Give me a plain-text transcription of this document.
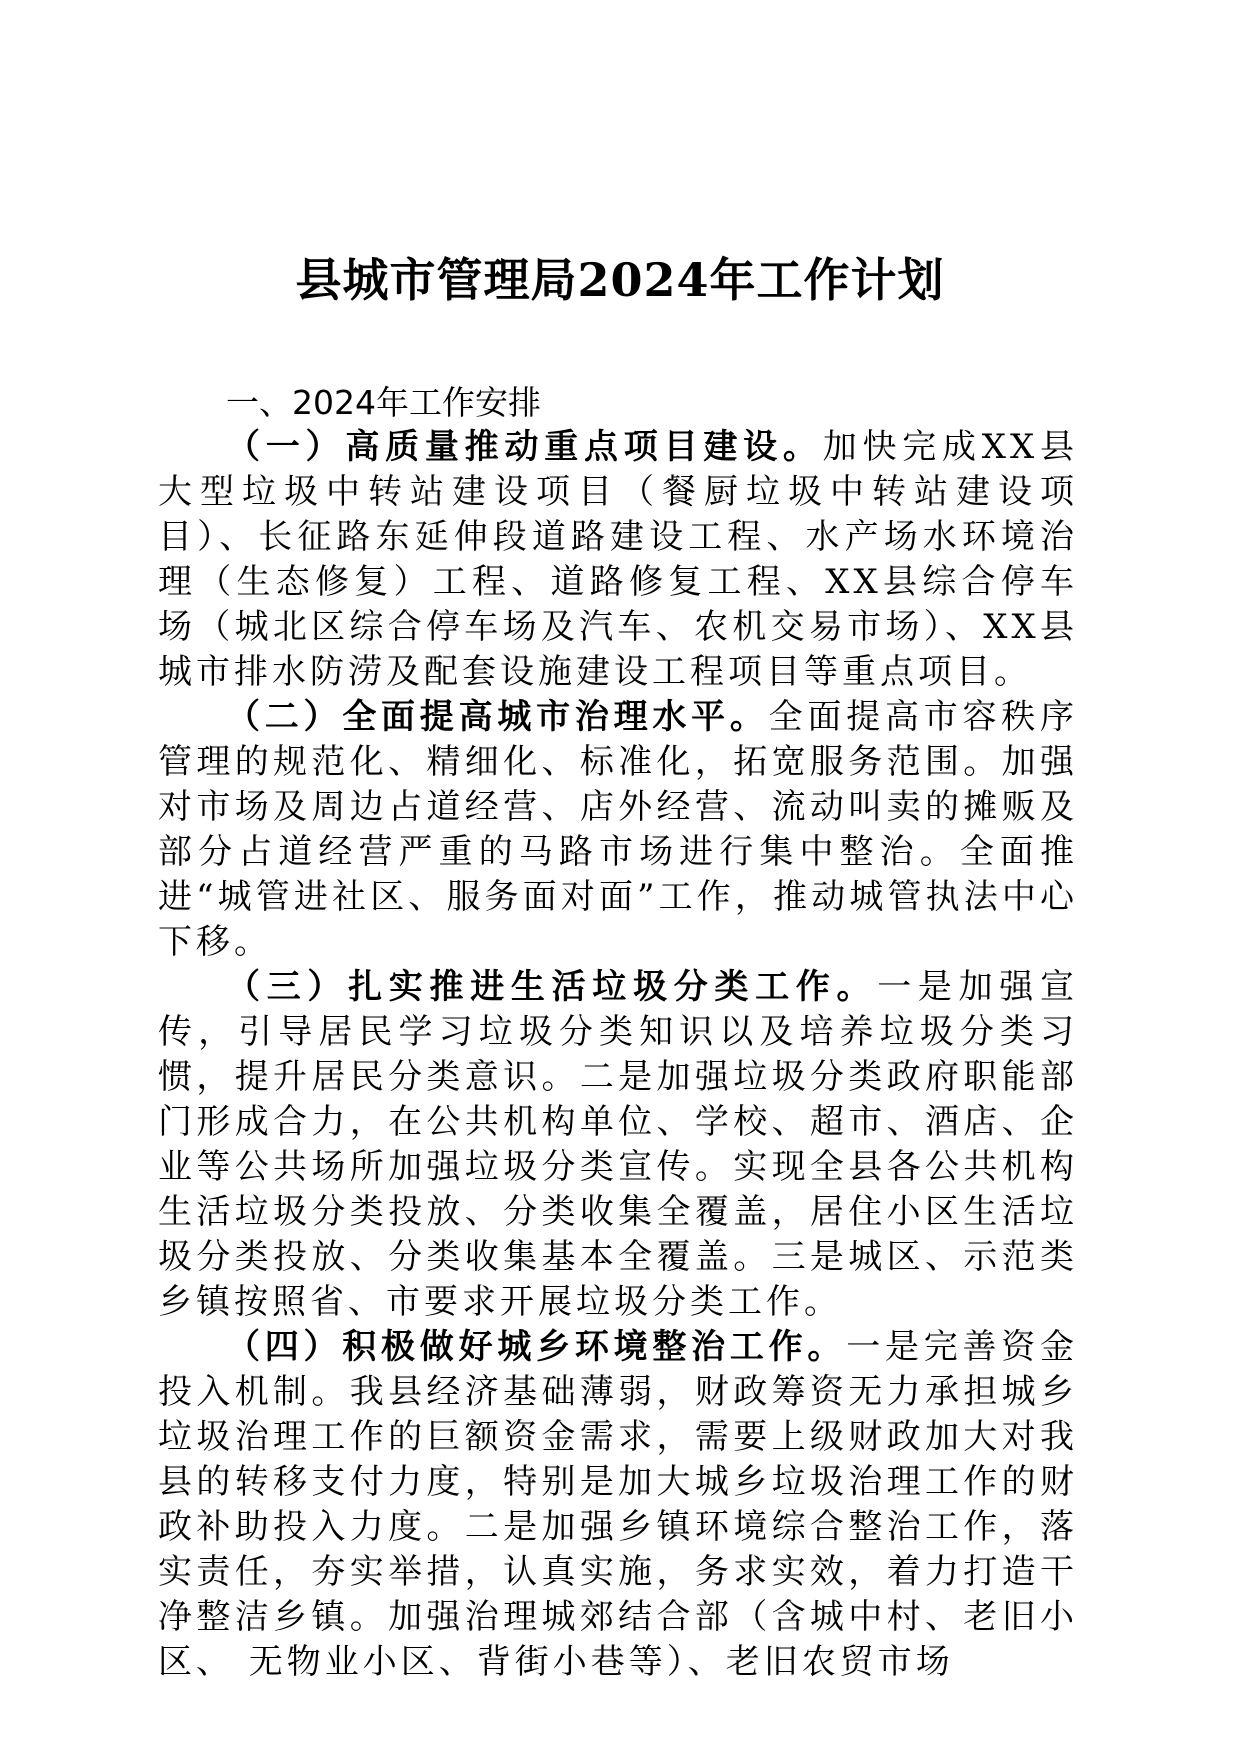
县城市管理局2024年工作计划

一、2024年工作安排

（一）高质量推动重点项目建设。加快完成XX县大型垃圾中转站建设项目（餐厨垃圾中转站建设项目）、长征路东延伸段道路建设工程、水产场水环境治理（生态修复）工程、道路修复工程、XX县综合停车场（城北区综合停车场及汽车、农机交易市场）、XX县城市排水防涝及配套设施建设工程项目等重点项目。

（二）全面提高城市治理水平。全面提高市容秩序管理的规范化、精细化、标准化，拓宽服务范围。加强对市场及周边占道经营、店外经营、流动叫卖的摊贩及部分占道经营严重的马路市场进行集中整治。全面推进“城管进社区、服务面对面”工作，推动城管执法中心下移。

（三）扎实推进生活垃圾分类工作。一是加强宣传，引导居民学习垃圾分类知识以及培养垃圾分类习惯，提升居民分类意识。二是加强垃圾分类政府职能部门形成合力，在公共机构单位、学校、超市、酒店、企业等公共场所加强垃圾分类宣传。实现全县各公共机构生活垃圾分类投放、分类收集全覆盖，居住小区生活垃圾分类投放、分类收集基本全覆盖。三是城区、示范类乡镇按照省、市要求开展垃圾分类工作。

（四）积极做好城乡环境整治工作。一是完善资金投入机制。我县经济基础薄弱，财政筹资无力承担城乡垃圾治理工作的巨额资金需求，需要上级财政加大对我县的转移支付力度，特别是加大城乡垃圾治理工作的财政补助投入力度。二是加强乡镇环境综合整治工作，落实责任，夯实举措，认真实施，务求实效，着力打造干净整洁乡镇。加强治理城郊结合部（含城中村、老旧小区、 无物业小区、背街小巷等）、老旧农贸市场
